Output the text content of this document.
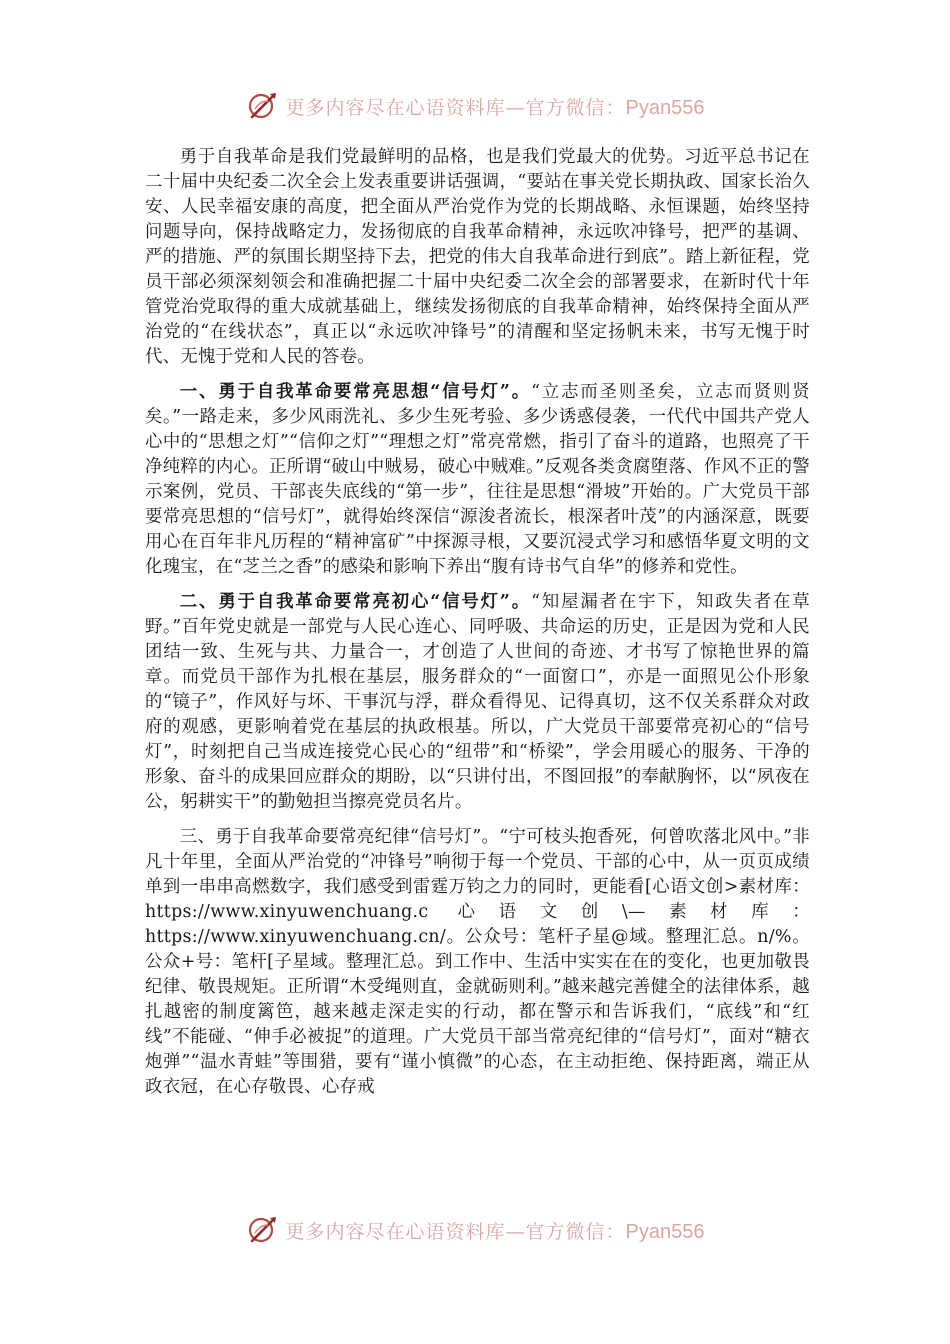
更多内容尽在心语资料库—官方微信：Pyan556

勇于自我革命是我们党最鲜明的品格，也是我们党最大的优势。习近平总书记在二十届中央纪委二次全会上发表重要讲话强调，“要站在事关党长期执政、国家长治久安、人民幸福安康的高度，把全面从严治党作为党的长期战略、永恒课题，始终坚持问题导向，保持战略定力，发扬彻底的自我革命精神，永远吹冲锋号，把严的基调、严的措施、严的氛围长期坚持下去，把党的伟大自我革命进行到底”。踏上新征程，党员干部必须深刻领会和准确把握二十届中央纪委二次全会的部署要求，在新时代十年管党治党取得的重大成就基础上，继续发扬彻底的自我革命精神，始终保持全面从严治党的“在线状态”，真正以“永远吹冲锋号”的清醒和坚定扬帆未来，书写无愧于时代、无愧于党和人民的答卷。

一、勇于自我革命要常亮思想“信号灯”。“立志而圣则圣矣，立志而贤则贤矣。”一路走来，多少风雨洗礼、多少生死考验、多少诱惑侵袭，一代代中国共产党人心中的“思想之灯”“信仰之灯”“理想之灯”常亮常燃，指引了奋斗的道路，也照亮了干净纯粹的内心。正所谓“破山中贼易，破心中贼难。”反观各类贪腐堕落、作风不正的警示案例，党员、干部丧失底线的“第一步”，往往是思想“滑坡”开始的。广大党员干部要常亮思想的“信号灯”，就得始终深信“源浚者流长，根深者叶茂”的内涵深意，既要用心在百年非凡历程的“精神富矿”中探源寻根，又要沉浸式学习和感悟华夏文明的文化瑰宝，在“芝兰之香”的感染和影响下养出“腹有诗书气自华”的修养和党性。

二、勇于自我革命要常亮初心“信号灯”。“知屋漏者在宇下，知政失者在草野。”百年党史就是一部党与人民心连心、同呼吸、共命运的历史，正是因为党和人民团结一致、生死与共、力量合一，才创造了人世间的奇迹、才书写了惊艳世界的篇章。而党员干部作为扎根在基层，服务群众的“一面窗口”，亦是一面照见公仆形象的“镜子”，作风好与坏、干事沉与浮，群众看得见、记得真切，这不仅关系群众对政府的观感，更影响着党在基层的执政根基。所以，广大党员干部要常亮初心的“信号灯”，时刻把自己当成连接党心民心的“纽带”和“桥梁”，学会用暖心的服务、干净的形象、奋斗的成果回应群众的期盼，以“只讲付出，不图回报”的奉献胸怀，以“夙夜在公，躬耕实干”的勤勉担当擦亮党员名片。

三、勇于自我革命要常亮纪律“信号灯”。“宁可枝头抱香死，何曾吹落北风中。”非凡十年里，全面从严治党的“冲锋号”响彻于每一个党员、干部的心中，从一页页成绩单到一串串高燃数字，我们感受到雷霆万钧之力的同时，更能看[心语文创>素材库：https://www.xinyuwenchuang.c 心语文创\—素材库：https://www.xinyuwenchuang.cn/。公众号：笔杆子星@域。整理汇总。n/%。公众+号：笔杆[子星域。整理汇总。到工作中、生活中实实在在的变化，也更加敬畏纪律、敬畏规矩。正所谓“木受绳则直，金就砺则利。”越来越完善健全的法律体系，越扎越密的制度篱笆，越来越走深走实的行动，都在警示和告诉我们，“底线”和“红线”不能碰、“伸手必被捉”的道理。广大党员干部当常亮纪律的“信号灯”，面对“糖衣炮弹”“温水青蛙”等围猎，要有“谨小慎微”的心态，在主动拒绝、保持距离，端正从政衣冠，在心存敬畏、心存戒

更多内容尽在心语资料库—官方微信：Pyan556
